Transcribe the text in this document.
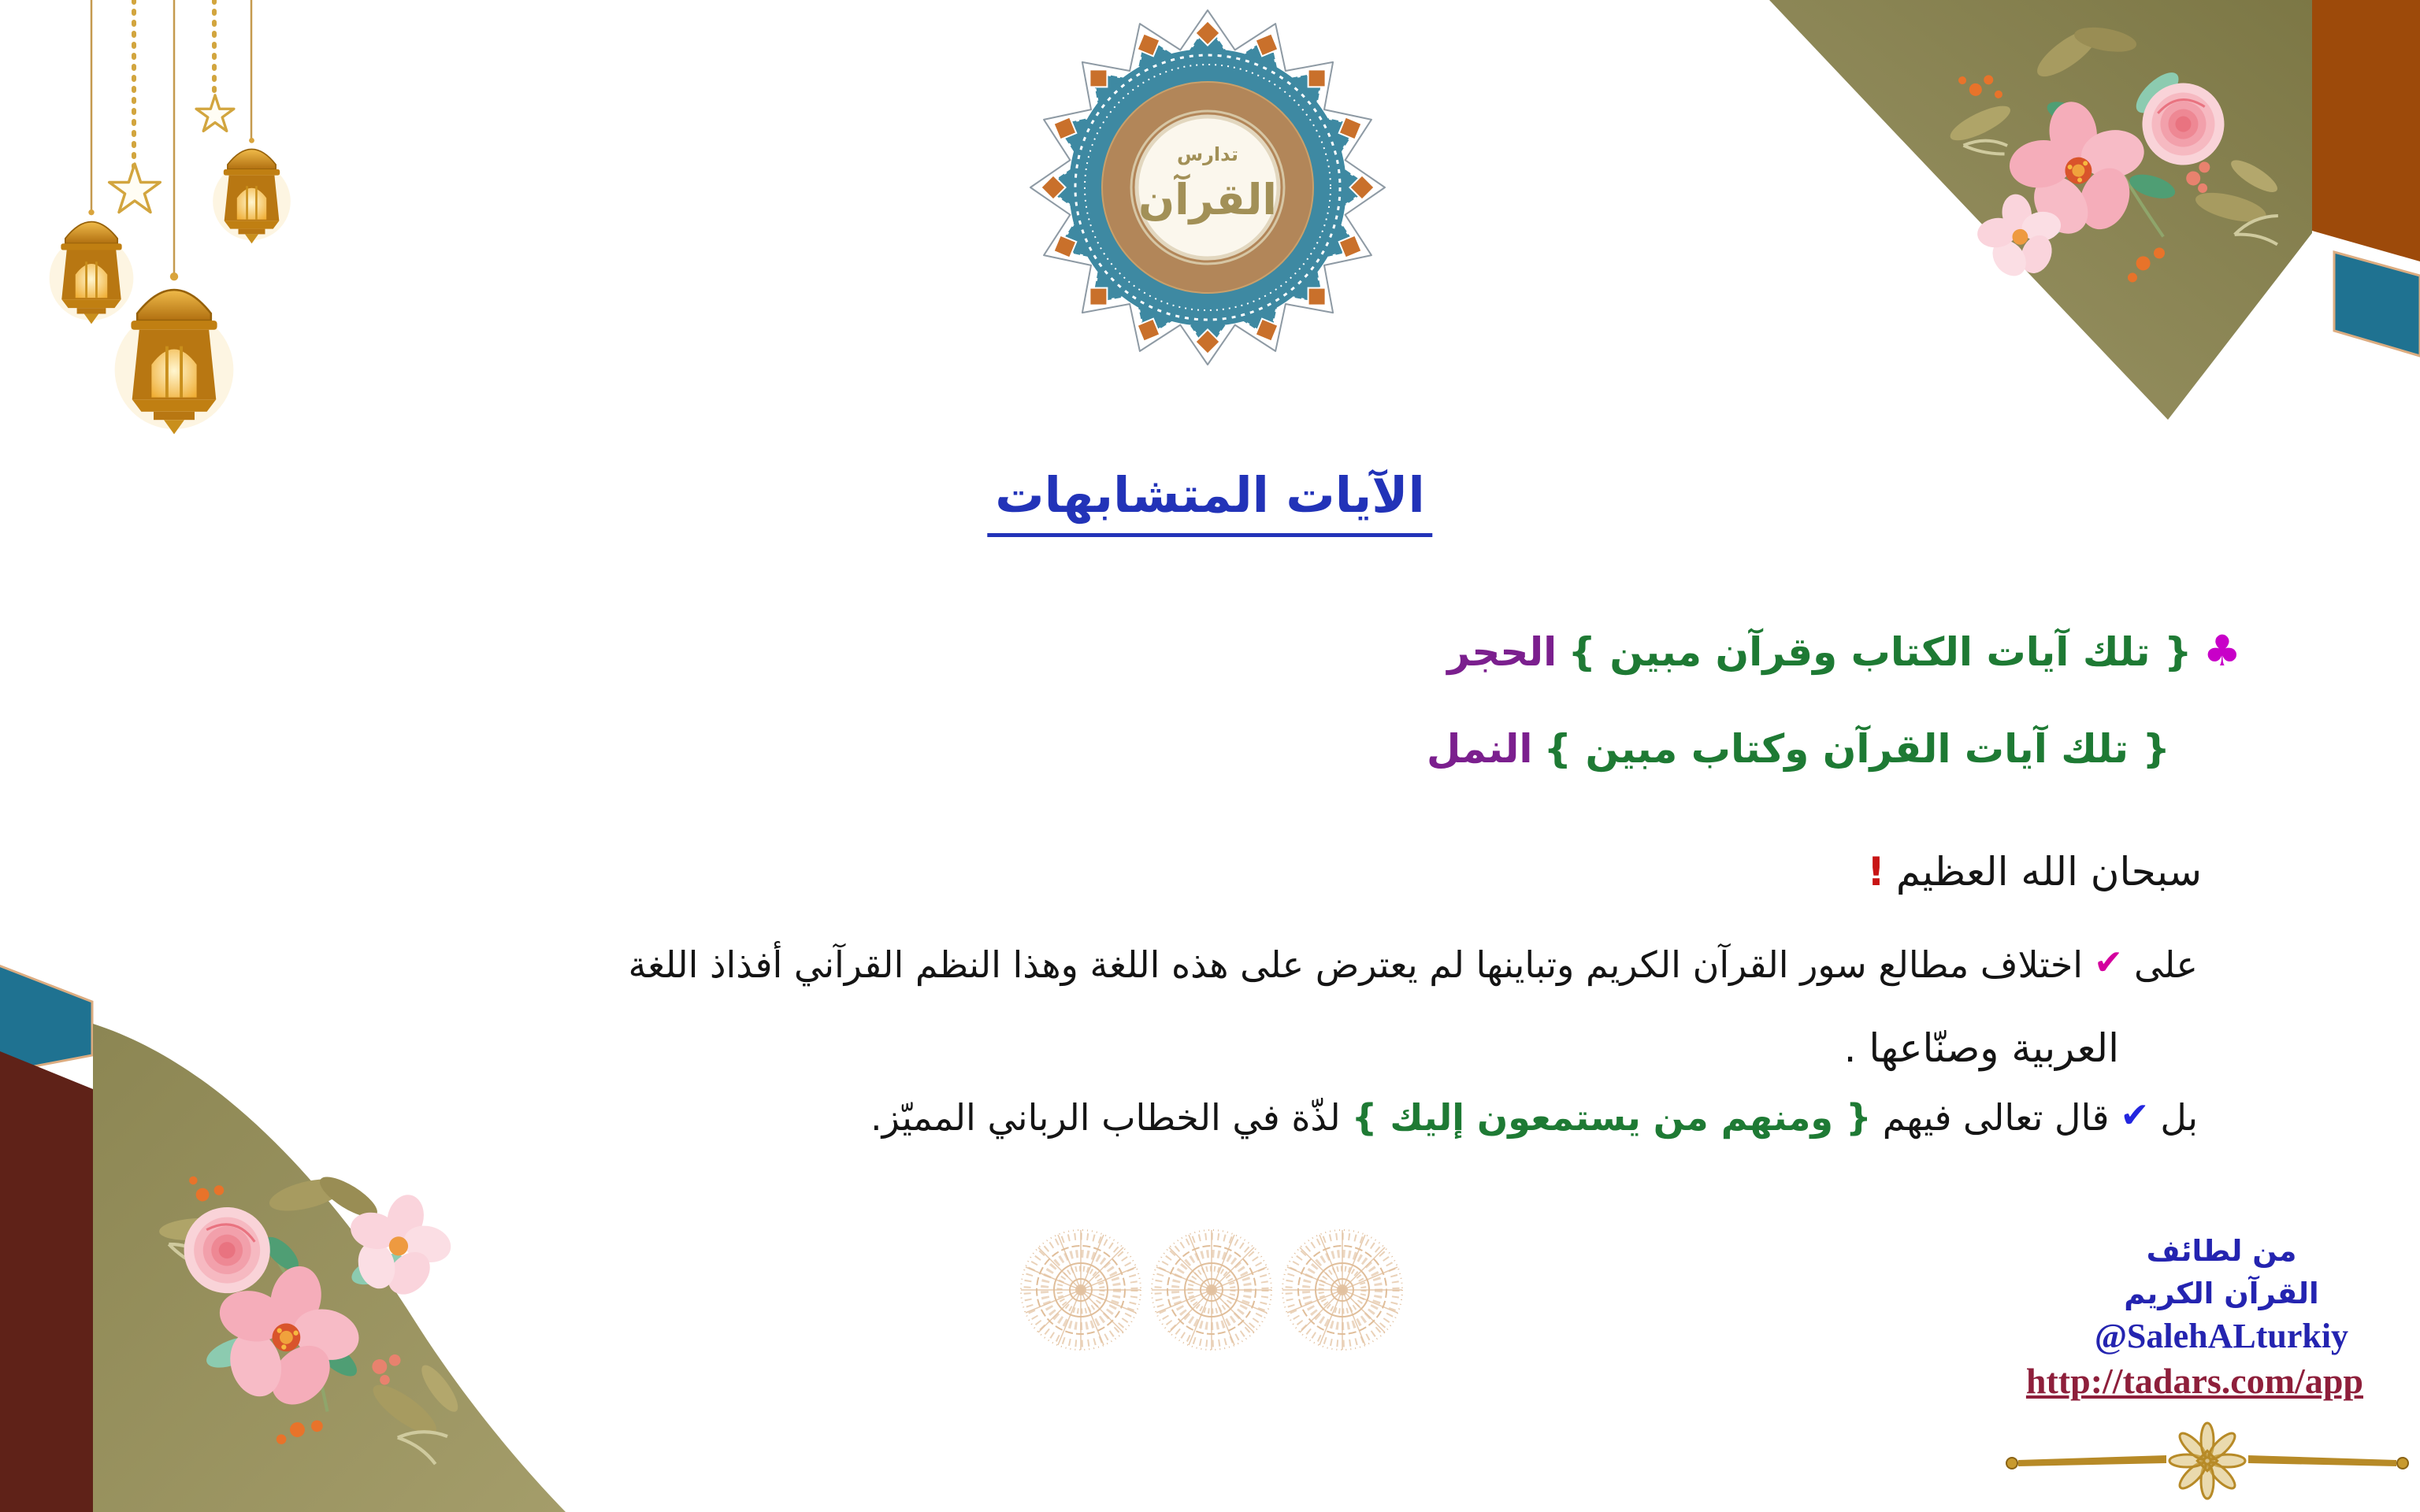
تدارس
القرآن
الآيات المتشابهات
♣
{ تلك آيات الكتاب وقرآن مبين }
الحجر
{ تلك آيات القرآن وكتاب مبين }
النمل
سبحان الله العظيم
!
على
✔
اختلاف مطالع سور القرآن الكريم وتباينها لم يعترض على هذه اللغة وهذا النظم القرآني أفذاذ اللغة
العربية وصنّاعها .
بل
✔
قال تعالى فيهم
{ ومنهم من يستمعون إليك }
لذّة في الخطاب الرباني المميّز.
من لطائف
القرآن الكريم
@SalehALturkiy
http://tadars.com/app
